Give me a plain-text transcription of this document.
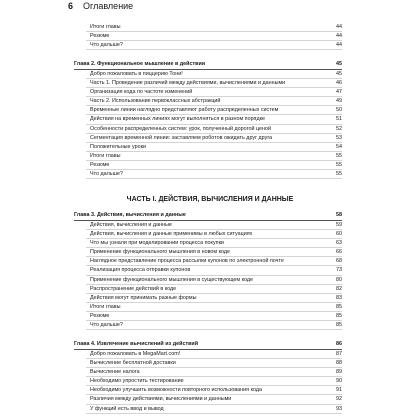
6 Оглавление
Итоги главы	44
Резюме	44
Что дальше?	44
Глава 2. Функциональное мышление в действии	45
Добро пожаловать в пиццерию Тони!	45
Часть 1. Проведение различий между действиями, вычислениями и данными	46
Организация кода по частоте изменений	47
Часть 2. Использование первоклассных абстракций	49
Временные линии наглядно представляют работу распределенных систем	50
Действия на временных линиях могут выполняться в разном порядке	51
Особенности распределенных систем: урок, полученный дорогой ценой	52
Сегментация временной линии: заставляем роботов ожидать друг друга	53
Положительные уроки	54
Итоги главы	55
Резюме	55
Что дальше?	55
ЧАСТЬ I. ДЕЙСТВИЯ, ВЫЧИСЛЕНИЯ И ДАННЫЕ
Глава 3. Действия, вычисления и данные	58
Действия, вычисления и данные	59
Действия, вычисления и данные применимы в любых ситуациях	60
Что мы узнали при моделировании процесса покупки	63
Применение функционального мышления в новом коде	66
Наглядное представление процесса рассылки купонов по электронной почте	68
Реализация процесса отправки купонов	73
Применение функционального мышления в существующем коде	80
Распространение действий в коде	82
Действия могут принимать разные формы	83
Итоги главы	85
Резюме	85
Что дальше?	85
Глава 4. Извлечение вычислений из действий	86
Добро пожаловать в MegaMart.com!	87
Вычисление бесплатной доставки	88
Вычисление налога	89
Необходимо упростить тестирование	90
Необходимо улучшить возможности повторного использования кода	91
Различия между действиями, вычислениями и данными	92
У функций есть ввод и вывод	93
